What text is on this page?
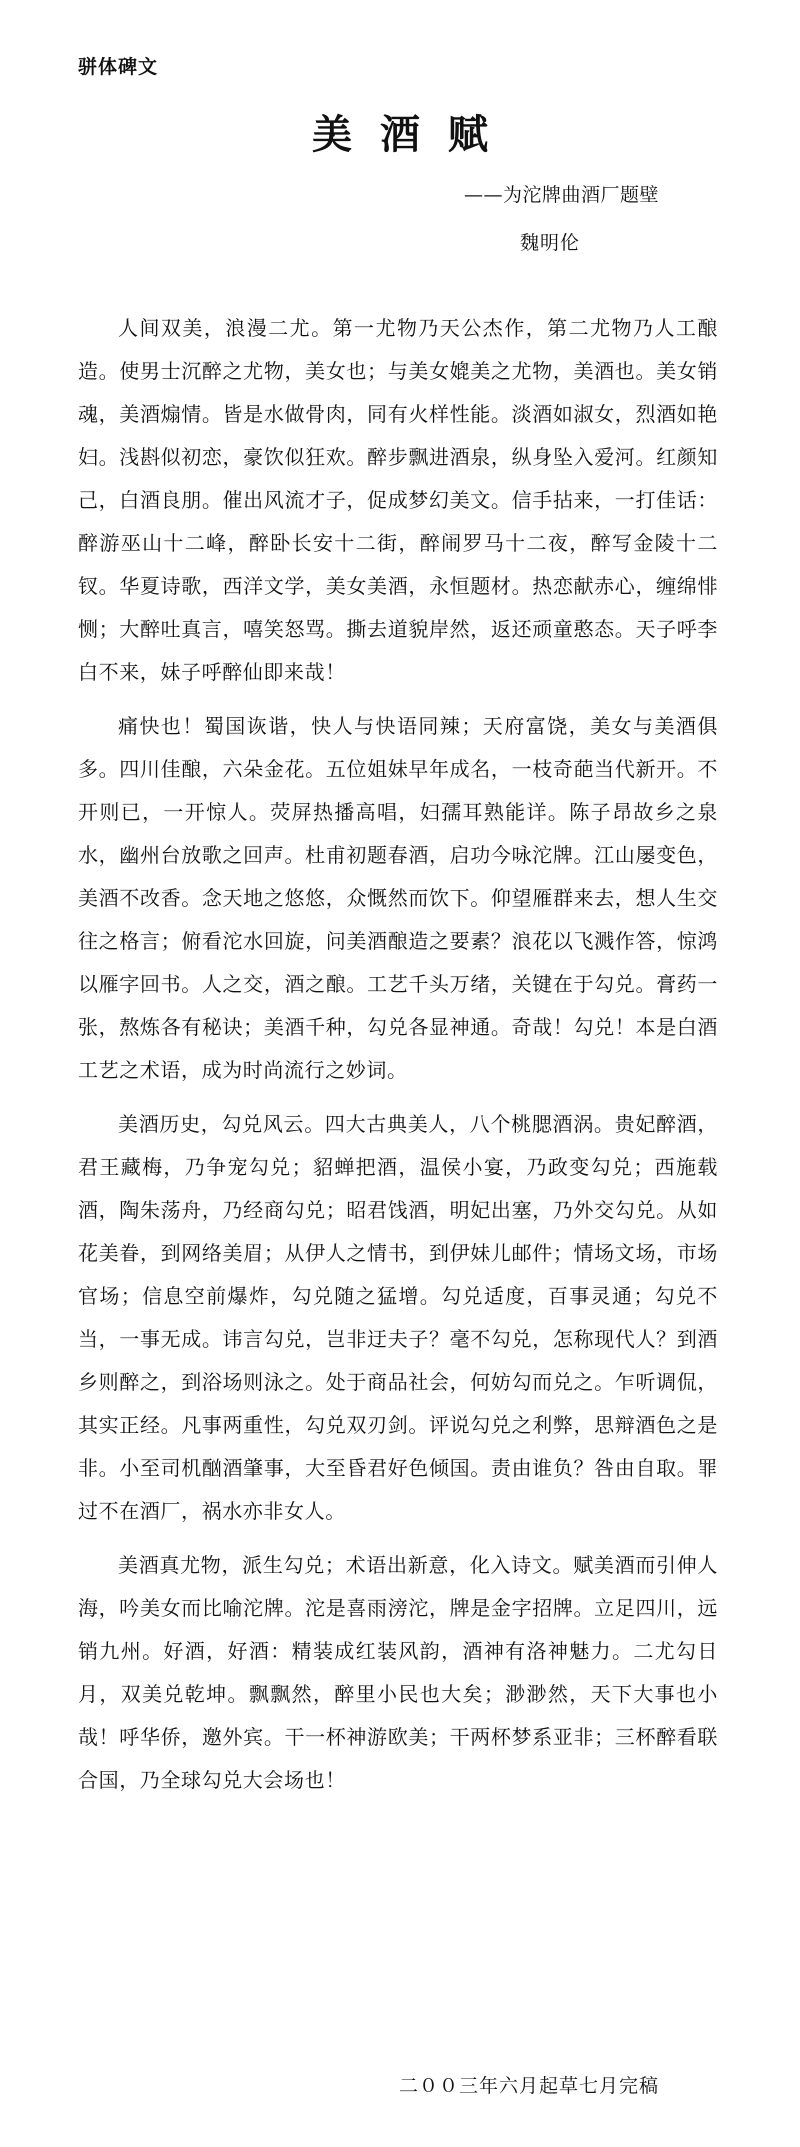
骈体碑文
美酒赋
——为沱牌曲酒厂题壁
魏明伦

人间双美，浪漫二尤。第一尤物乃天公杰作，第二尤物乃人工酿造。使男士沉醉之尤物，美女也；与美女媲美之尤物，美酒也。美女销魂，美酒煽情。皆是水做骨肉，同有火样性能。淡酒如淑女，烈酒如艳妇。浅斟似初恋，豪饮似狂欢。醉步飘进酒泉，纵身坠入爱河。红颜知己，白酒良朋。催出风流才子，促成梦幻美文。信手拈来，一打佳话：醉游巫山十二峰，醉卧长安十二街，醉闹罗马十二夜，醉写金陵十二钗。华夏诗歌，西洋文学，美女美酒，永恒题材。热恋献赤心，缠绵悱恻；大醉吐真言，嘻笑怒骂。撕去道貌岸然，返还顽童憨态。天子呼李白不来，妹子呼醉仙即来哉！

痛快也！蜀国诙谐，快人与快语同辣；天府富饶，美女与美酒俱多。四川佳酿，六朵金花。五位姐妹早年成名，一枝奇葩当代新开。不开则已，一开惊人。荧屏热播高唱，妇孺耳熟能详。陈子昂故乡之泉水，幽州台放歌之回声。杜甫初题春酒，启功今咏沱牌。江山屡变色，美酒不改香。念天地之悠悠，众慨然而饮下。仰望雁群来去，想人生交往之格言；俯看沱水回旋，问美酒酿造之要素？浪花以飞溅作答，惊鸿以雁字回书。人之交，酒之酿。工艺千头万绪，关键在于勾兑。膏药一张，熬炼各有秘诀；美酒千种，勾兑各显神通。奇哉！勾兑！本是白酒工艺之术语，成为时尚流行之妙词。

美酒历史，勾兑风云。四大古典美人，八个桃腮酒涡。贵妃醉酒，君王藏梅，乃争宠勾兑；貂蝉把酒，温侯小宴，乃政变勾兑；西施载酒，陶朱荡舟，乃经商勾兑；昭君饯酒，明妃出塞，乃外交勾兑。从如花美眷，到网络美眉；从伊人之情书，到伊妹儿邮件；情场文场，市场官场；信息空前爆炸，勾兑随之猛增。勾兑适度，百事灵通；勾兑不当，一事无成。讳言勾兑，岂非迂夫子？毫不勾兑，怎称现代人？到酒乡则醉之，到浴场则泳之。处于商品社会，何妨勾而兑之。乍听调侃，其实正经。凡事两重性，勾兑双刃剑。评说勾兑之利弊，思辩酒色之是非。小至司机酗酒肇事，大至昏君好色倾国。责由谁负？咎由自取。罪过不在酒厂，祸水亦非女人。

美酒真尤物，派生勾兑；术语出新意，化入诗文。赋美酒而引伸人海，吟美女而比喻沱牌。沱是喜雨滂沱，牌是金字招牌。立足四川，远销九州。好酒，好酒：精装成红装风韵，酒神有洛神魅力。二尤勾日月，双美兑乾坤。飘飘然，醉里小民也大矣；渺渺然，天下大事也小哉！呼华侨，邀外宾。干一杯神游欧美；干两杯梦系亚非；三杯醉看联合国，乃全球勾兑大会场也！

二００三年六月起草七月完稿
